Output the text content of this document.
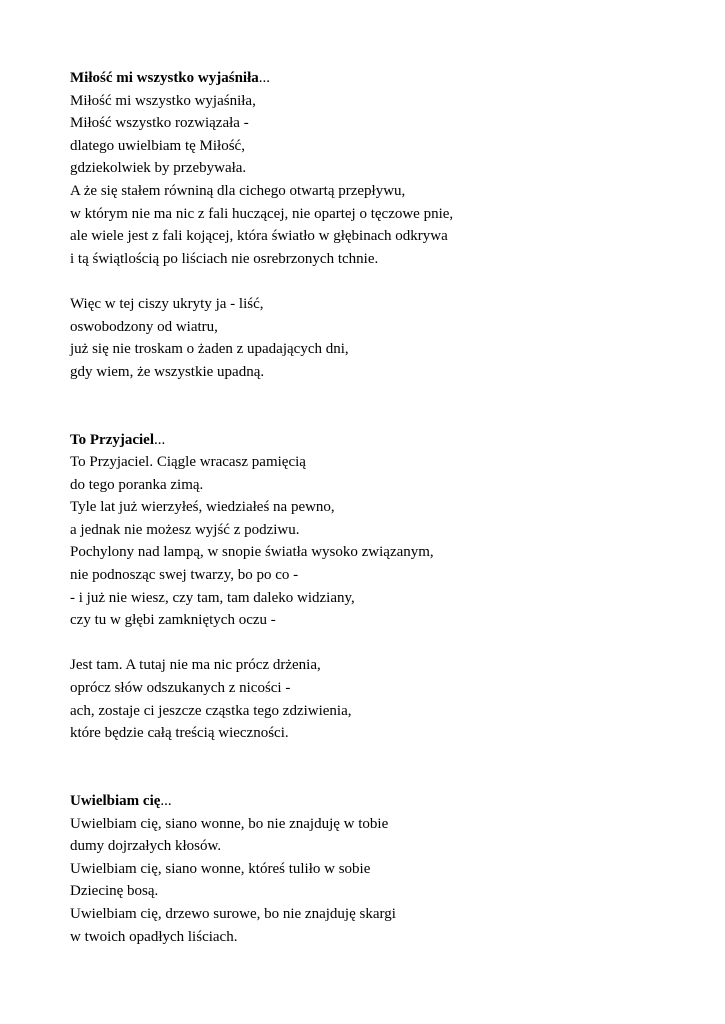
Miłość mi wszystko wyjaśniła...
Miłość mi wszystko wyjaśniła,
Miłość wszystko rozwiązała -
dlatego uwielbiam tę Miłość,
gdziekolwiek by przebywała.
A że się stałem równiną dla cichego otwartą przepływu,
w którym nie ma nic z fali huczącej, nie opartej o tęczowe pnie,
ale wiele jest z fali kojącej, która światło w głębinach odkrywa
i tą świątlością po liściach nie osrebrzonych tchnie.
Więc w tej ciszy ukryty ja - liść,
oswobodzony od wiatru,
już się nie troskam o żaden z upadających dni,
gdy wiem, że wszystkie upadną.
To Przyjaciel...
To Przyjaciel. Ciągle wracasz pamięcią
do tego poranka zimą.
Tyle lat już wierzyłeś, wiedziałeś na pewno,
a jednak nie możesz wyjść z podziwu.
Pochylony nad lampą, w snopie światła wysoko związanym,
nie podnosząc swej twarzy, bo po co -
- i już nie wiesz, czy tam, tam daleko widziany,
czy tu w głębi zamkniętych oczu -
Jest tam. A tutaj nie ma nic prócz drżenia,
oprócz słów odszukanych z nicości -
ach, zostaje ci jeszcze cząstka tego zdziwienia,
które będzie całą treścią wieczności.
Uwielbiam cię...
Uwielbiam cię, siano wonne, bo nie znajduję w tobie
dumy dojrzałych kłosów.
Uwielbiam cię, siano wonne, któreś tuliło w sobie
Dziecinę bosą.
Uwielbiam cię, drzewo surowe, bo nie znajduję skargi
w twoich opadłych liściach.
